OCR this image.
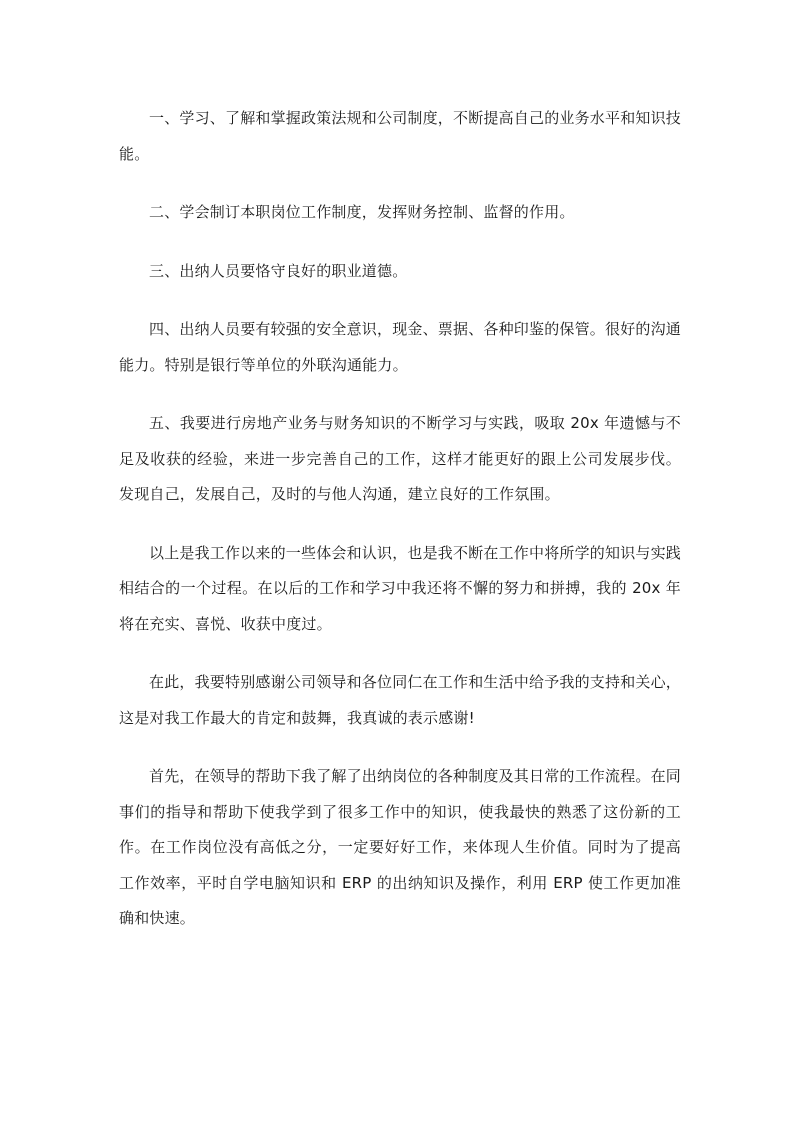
一、学习、了解和掌握政策法规和公司制度，不断提高自己的业务水平和知识技能。

二、学会制订本职岗位工作制度，发挥财务控制、监督的作用。

三、出纳人员要恪守良好的职业道德。

四、出纳人员要有较强的安全意识，现金、票据、各种印鉴的保管。很好的沟通能力。特别是银行等单位的外联沟通能力。

五、我要进行房地产业务与财务知识的不断学习与实践，吸取 20x 年遗憾与不足及收获的经验，来进一步完善自己的工作，这样才能更好的跟上公司发展步伐。发现自己，发展自己，及时的与他人沟通，建立良好的工作氛围。

以上是我工作以来的一些体会和认识，也是我不断在工作中将所学的知识与实践相结合的一个过程。在以后的工作和学习中我还将不懈的努力和拼搏，我的 20x 年将在充实、喜悦、收获中度过。

在此，我要特别感谢公司领导和各位同仁在工作和生活中给予我的支持和关心，这是对我工作最大的肯定和鼓舞，我真诚的表示感谢!

首先，在领导的帮助下我了解了出纳岗位的各种制度及其日常的工作流程。在同事们的指导和帮助下使我学到了很多工作中的知识，使我最快的熟悉了这份新的工作。在工作岗位没有高低之分，一定要好好工作，来体现人生价值。同时为了提高工作效率，平时自学电脑知识和 ERP 的出纳知识及操作，利用 ERP 使工作更加准确和快速。
